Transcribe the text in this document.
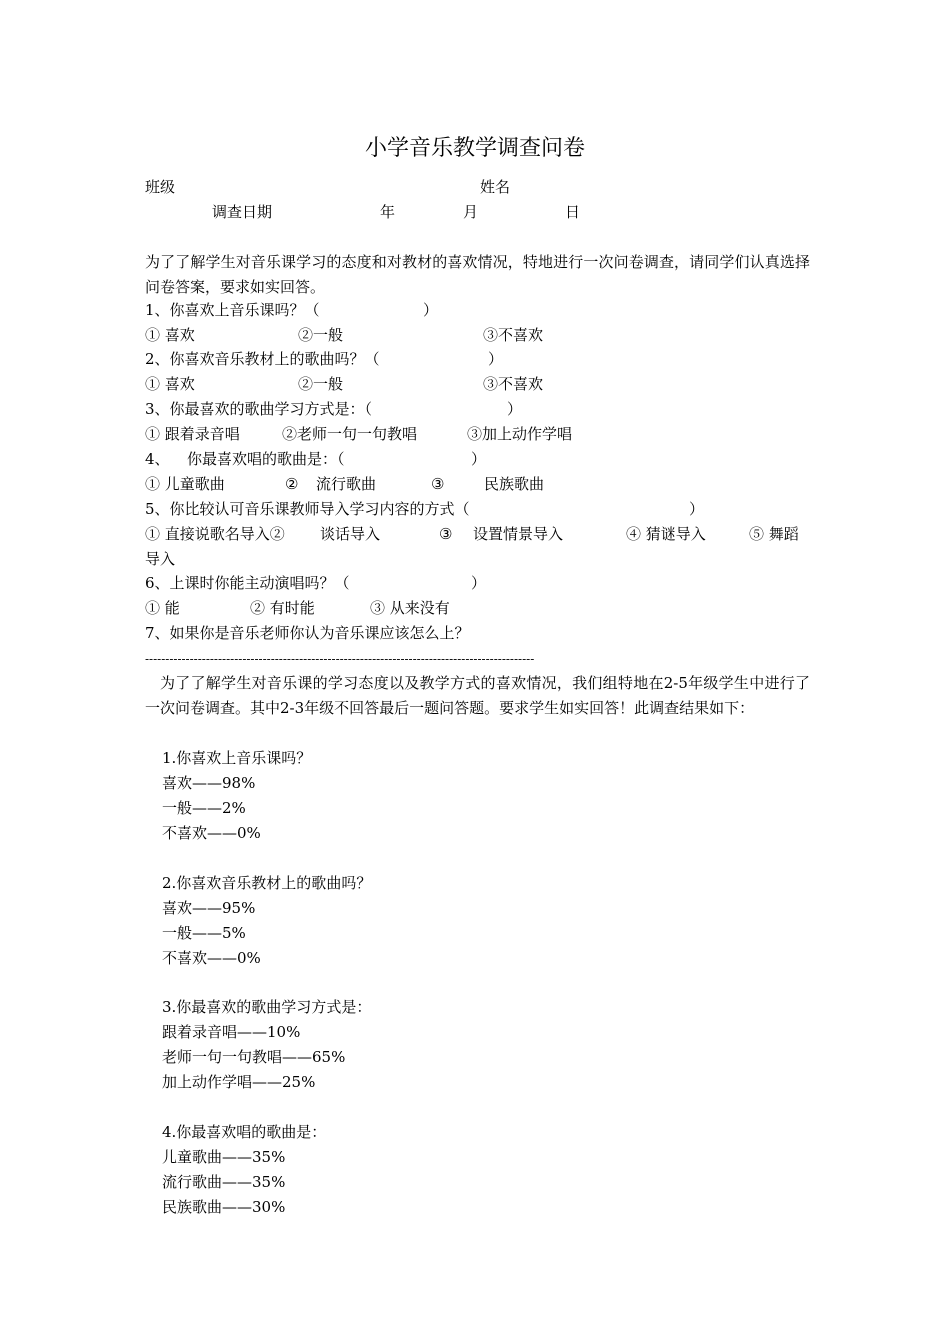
小学音乐教学调查问卷
班级	姓名
调查日期	年	月	日
为了了解学生对音乐课学习的态度和对教材的喜欢情况，特地进行一次问卷调查，请同学们认真选择问卷答案，要求如实回答。
1、你喜欢上音乐课吗？（	）
① 喜欢	②一般	③不喜欢
2、你喜欢音乐教材上的歌曲吗？（	）
① 喜欢	②一般	③不喜欢
3、你最喜欢的歌曲学习方式是：（	）
① 跟着录音唱	②老师一句一句教唱	③加上动作学唱
4、 你最喜欢唱的歌曲是：（	）
① 儿童歌曲	② 流行歌曲	③	民族歌曲
5、你比较认可音乐课教师导入学习内容的方式（	）
① 直接说歌名导入② 谈话导入	③ 设置情景导入	④ 猜谜导入	⑤ 舞蹈
导入
6、上课时你能主动演唱吗？（	）
① 能	② 有时能	③ 从来没有
7、如果你是音乐老师你认为音乐课应该怎么上？
------------------------------------------------------------------------------------------------
为了了解学生对音乐课的学习态度以及教学方式的喜欢情况，我们组特地在2-5年级学生中进行了一次问卷调查。其中2-3年级不回答最后一题问答题。要求学生如实回答！此调查结果如下：
1.你喜欢上音乐课吗？
喜欢——98%
一般——2%
不喜欢——0%
2.你喜欢音乐教材上的歌曲吗？
喜欢——95%
一般——5%
不喜欢——0%
3.你最喜欢的歌曲学习方式是：
跟着录音唱——10%
老师一句一句教唱——65%
加上动作学唱——25%
4.你最喜欢唱的歌曲是：
儿童歌曲——35%
流行歌曲——35%
民族歌曲——30%
